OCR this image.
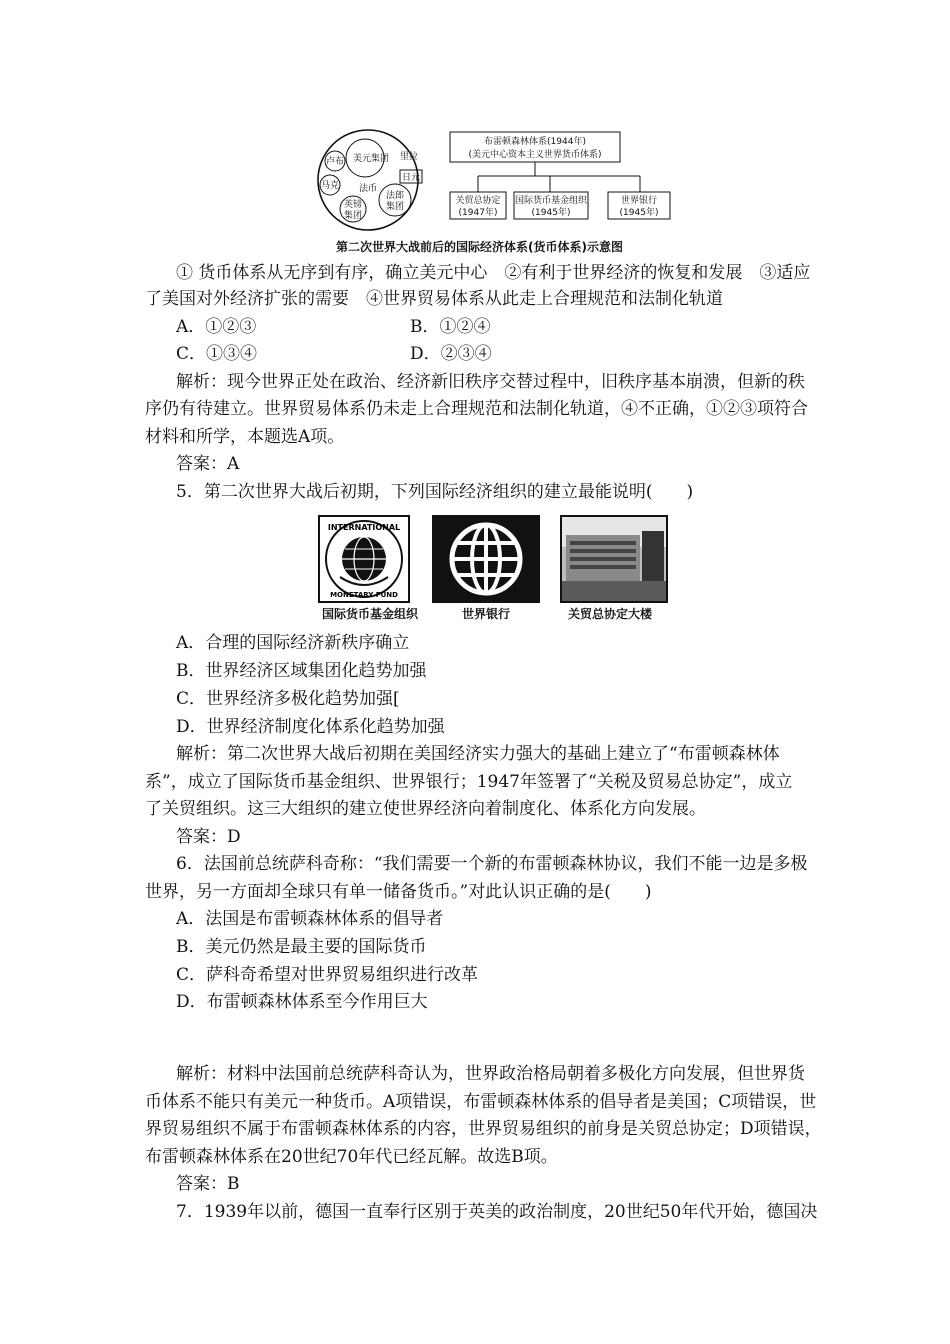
美元集团 里拉
卢布
日元
马克 法币
法郎
集团
英镑
集团
布雷顿森林体系(1944年)
(美元中心资本主义世界货币体系)
关贸总协定
(1947年)
国际货币基金组织
(1945年)
世界银行
(1945年)
第二次世界大战前后的国际经济体系(货币体系)示意图
① 货币体系从无序到有序，确立美元中心　②有利于世界经济的恢复和发展　③适应
了美国对外经济扩张的需要　④世界贸易体系从此走上合理规范和法制化轨道
A．①②③	B．①②④
C．①③④	D．②③④
解析：现今世界正处在政治、经济新旧秩序交替过程中，旧秩序基本崩溃，但新的秩
序仍有待建立。世界贸易体系仍未走上合理规范和法制化轨道，④不正确，①②③项符合
材料和所学，本题选A项。
答案：A
5．第二次世界大战后初期，下列国际经济组织的建立最能说明(　　)
INTERNATIONAL
MONETARY FUND
国际货币基金组织	世界银行	关贸总协定大楼
A．合理的国际经济新秩序确立
B．世界经济区域集团化趋势加强
C．世界经济多极化趋势加强[
D．世界经济制度化体系化趋势加强
解析：第二次世界大战后初期在美国经济实力强大的基础上建立了“布雷顿森林体
系”，成立了国际货币基金组织、世界银行；1947年签署了“关税及贸易总协定”，成立
了关贸组织。这三大组织的建立使世界经济向着制度化、体系化方向发展。
答案：D
6．法国前总统萨科奇称：“我们需要一个新的布雷顿森林协议，我们不能一边是多极
世界，另一方面却全球只有单一储备货币。”对此认识正确的是(　　)
A．法国是布雷顿森林体系的倡导者
B．美元仍然是最主要的国际货币
C．萨科奇希望对世界贸易组织进行改革
D．布雷顿森林体系至今作用巨大
解析：材料中法国前总统萨科奇认为，世界政治格局朝着多极化方向发展，但世界货
币体系不能只有美元一种货币。A项错误，布雷顿森林体系的倡导者是美国；C项错误，世
界贸易组织不属于布雷顿森林体系的内容，世界贸易组织的前身是关贸总协定；D项错误，
布雷顿森林体系在20世纪70年代已经瓦解。故选B项。
答案：B
7．1939年以前，德国一直奉行区别于英美的政治制度，20世纪50年代开始，德国决
